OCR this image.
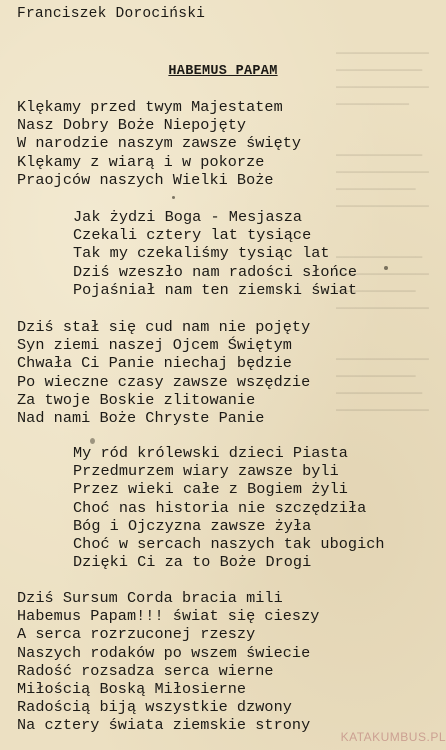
━━━━━━━━━━━━━━
━━━━━━━━━━━━━
━━━━━━━━━━━━━━
━━━━━━━━━━━
━━━━━━━━━━━━━
━━━━━━━━━━━━━━
━━━━━━━━━━━━
━━━━━━━━━━━━━━
━━━━━━━━━━━━━
━━━━━━━━━━━━━━
━━━━━━━━━━━━
━━━━━━━━━━━━━━
━━━━━━━━━━━━━━
━━━━━━━━━━━━
━━━━━━━━━━━━━
━━━━━━━━━━━━━━
Franciszek Dorociński
HABEMUS PAPAM
Klękamy przed twym Majestatem
Nasz Dobry Boże Niepojęty
W narodzie naszym zawsze święty
Klękamy z wiarą i w pokorze
Praojców naszych Wielki Boże
Jak żydzi Boga - Mesjasza
Czekali cztery lat tysiące
Tak my czekaliśmy tysiąc lat
Dziś wzeszło nam radości słońce
Pojaśniał nam ten ziemski świat
Dziś stał się cud nam nie pojęty
Syn ziemi naszej Ojcem Świętym
Chwała Ci Panie niechaj będzie
Po wieczne czasy zawsze wszędzie
Za twoje Boskie zlitowanie
Nad nami Boże Chryste Panie
My ród królewski dzieci Piasta
Przedmurzem wiary zawsze byli
Przez wieki całe z Bogiem żyli
Choć nas historia nie szczędziła
Bóg i Ojczyzna zawsze żyła
Choć w sercach naszych tak ubogich
Dzięki Ci za to Boże Drogi
Dziś Sursum Corda bracia mili
Habemus Papam!!! świat się cieszy
A serca rozrzuconej rzeszy
Naszych rodaków po wszem świecie
Radość rozsadza serca wierne
Miłością Boską Miłosierne
Radością biją wszystkie dzwony
Na cztery świata ziemskie strony

KATAKUMBUS.PL
